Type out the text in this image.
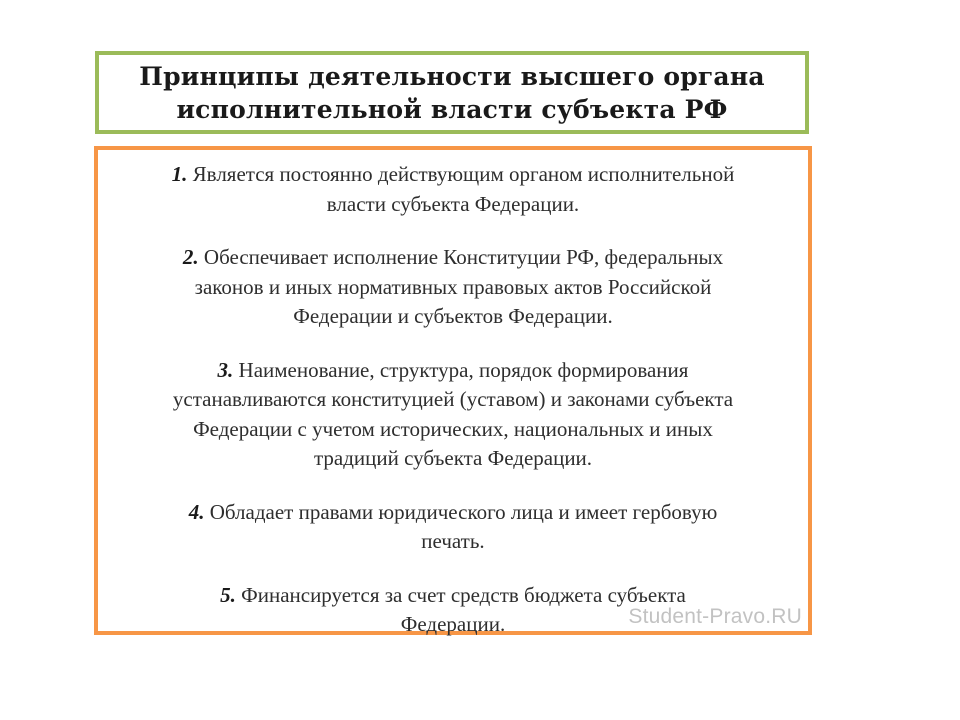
Принципы деятельности высшего органа
исполнительной власти субъекта РФ

1. Является постоянно действующим органом исполнительной
власти субъекта Федерации.

2. Обеспечивает исполнение Конституции РФ, федеральных
законов и иных нормативных правовых актов Российской
Федерации и субъектов Федерации.

3. Наименование, структура, порядок формирования
устанавливаются конституцией (уставом) и законами субъекта
Федерации с учетом исторических, национальных и иных
традиций субъекта Федерации.

4. Обладает правами юридического лица и имеет гербовую
печать.

5. Финансируется за счет средств бюджета субъекта
Федерации.	Student-Pravo.RU
